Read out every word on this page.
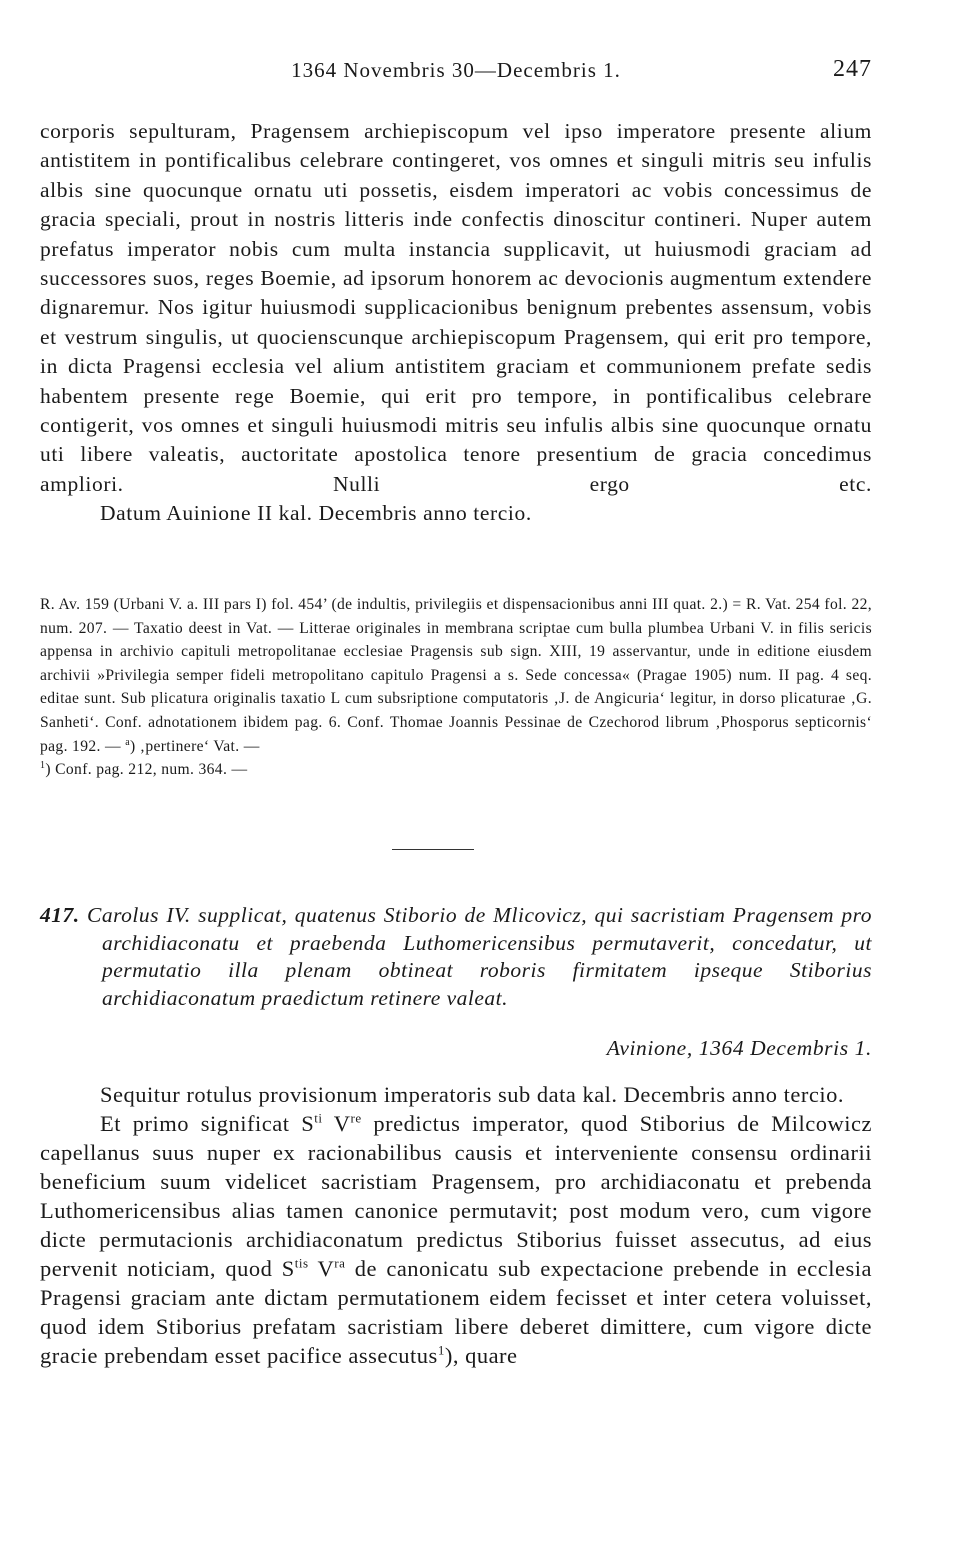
1364 Novembris 30—Decembris 1.	247

corporis sepulturam, Pragensem archiepiscopum vel ipso imperatore presente alium antistitem in pontificalibus celebrare contingeret, vos omnes et singuli mitris seu infulis albis sine quocunque ornatu uti possetis, eisdem imperatori ac vobis concessimus de gracia speciali, prout in nostris litteris inde confectis dinoscitur contineri. Nuper autem prefatus imperator nobis cum multa instancia supplicavit, ut huiusmodi graciam ad successores suos, reges Boemie, ad ipsorum honorem ac devocionis augmentum extendere dignaremur. Nos igitur huiusmodi supplicacionibus benignum prebentes assensum, vobis et vestrum singulis, ut quocienscunque archiepiscopum Pragensem, qui erit pro tempore, in dicta Pragensi ecclesia vel alium antistitem graciam et communionem prefate sedis habentem presente rege Boemie, qui erit pro tempore, in pontificalibus celebrare contigerit, vos omnes et singuli huiusmodi mitris seu infulis albis sine quocunque ornatu uti libere valeatis, auctoritate apostolica tenore presentium de gracia concedimus ampliori. Nulli ergo etc.

Datum Auinione II kal. Decembris anno tercio.

R. Av. 159 (Urbani V. a. III pars I) fol. 454’ (de indultis, privilegiis et dispensacionibus anni III quat. 2.) = R. Vat. 254 fol. 22, num. 207. — Taxatio deest in Vat. — Litterae originales in membrana scriptae cum bulla plumbea Urbani V. in filis sericis appensa in archivio capituli metropolitanae ecclesiae Pragensis sub sign. XIII, 19 asservantur, unde in editione eiusdem archivii »Privilegia semper fideli metropolitano capitulo Pragensi a s. Sede concessa« (Pragae 1905) num. II pag. 4 seq. editae sunt. Sub plicatura originalis taxatio L cum subsriptione computatoris ‚J. de Angicuria‘ legitur, in dorso plicaturae ‚G. Sanheti‘. Conf. adnotationem ibidem pag. 6. Conf. Thomae Joannis Pessinae de Czechorod librum ‚Phosporus septicornis‘ pag. 192. — $^a$) ‚pertinere‘ Vat. —
$^1$) Conf. pag. 212, num. 364. —

417. Carolus IV. supplicat, quatenus Stiborio de Mlicovicz, qui sacristiam Pragensem pro archidiaconatu et praebenda Luthomericensibus permutaverit, concedatur, ut permutatio illa plenam obtineat roboris firmitatem ipseque Stiborius archidiaconatum praedictum retinere valeat.

Avinione, 1364 Decembris 1.

Sequitur rotulus provisionum imperatoris sub data kal. Decembris anno tercio.

Et primo significat $S^{ti}$ Vre predictus imperator, quod Stiborius de Milcowicz capellanus suus nuper ex racionabilibus causis et interveniente consensu ordinarii beneficium suum videlicet sacristiam Pragensem, pro archidiaconatu et prebenda Luthomericensibus alias tamen canonice permutavit; post modum vero, cum vigore dicte permutacionis archidiaconatum predictus Stiborius fuisset assecutus, ad eius pervenit noticiam, quod $S^{tis}$ $V^{ra}$ de canonicatu sub expectacione prebende in ecclesia Pragensi graciam ante dictam permutationem eidem fecisset et inter cetera voluisset, quod idem Stiborius prefatam sacristiam libere deberet dimittere, cum vigore dicte gracie prebendam esset pacifice assecutus$^1$), quare
